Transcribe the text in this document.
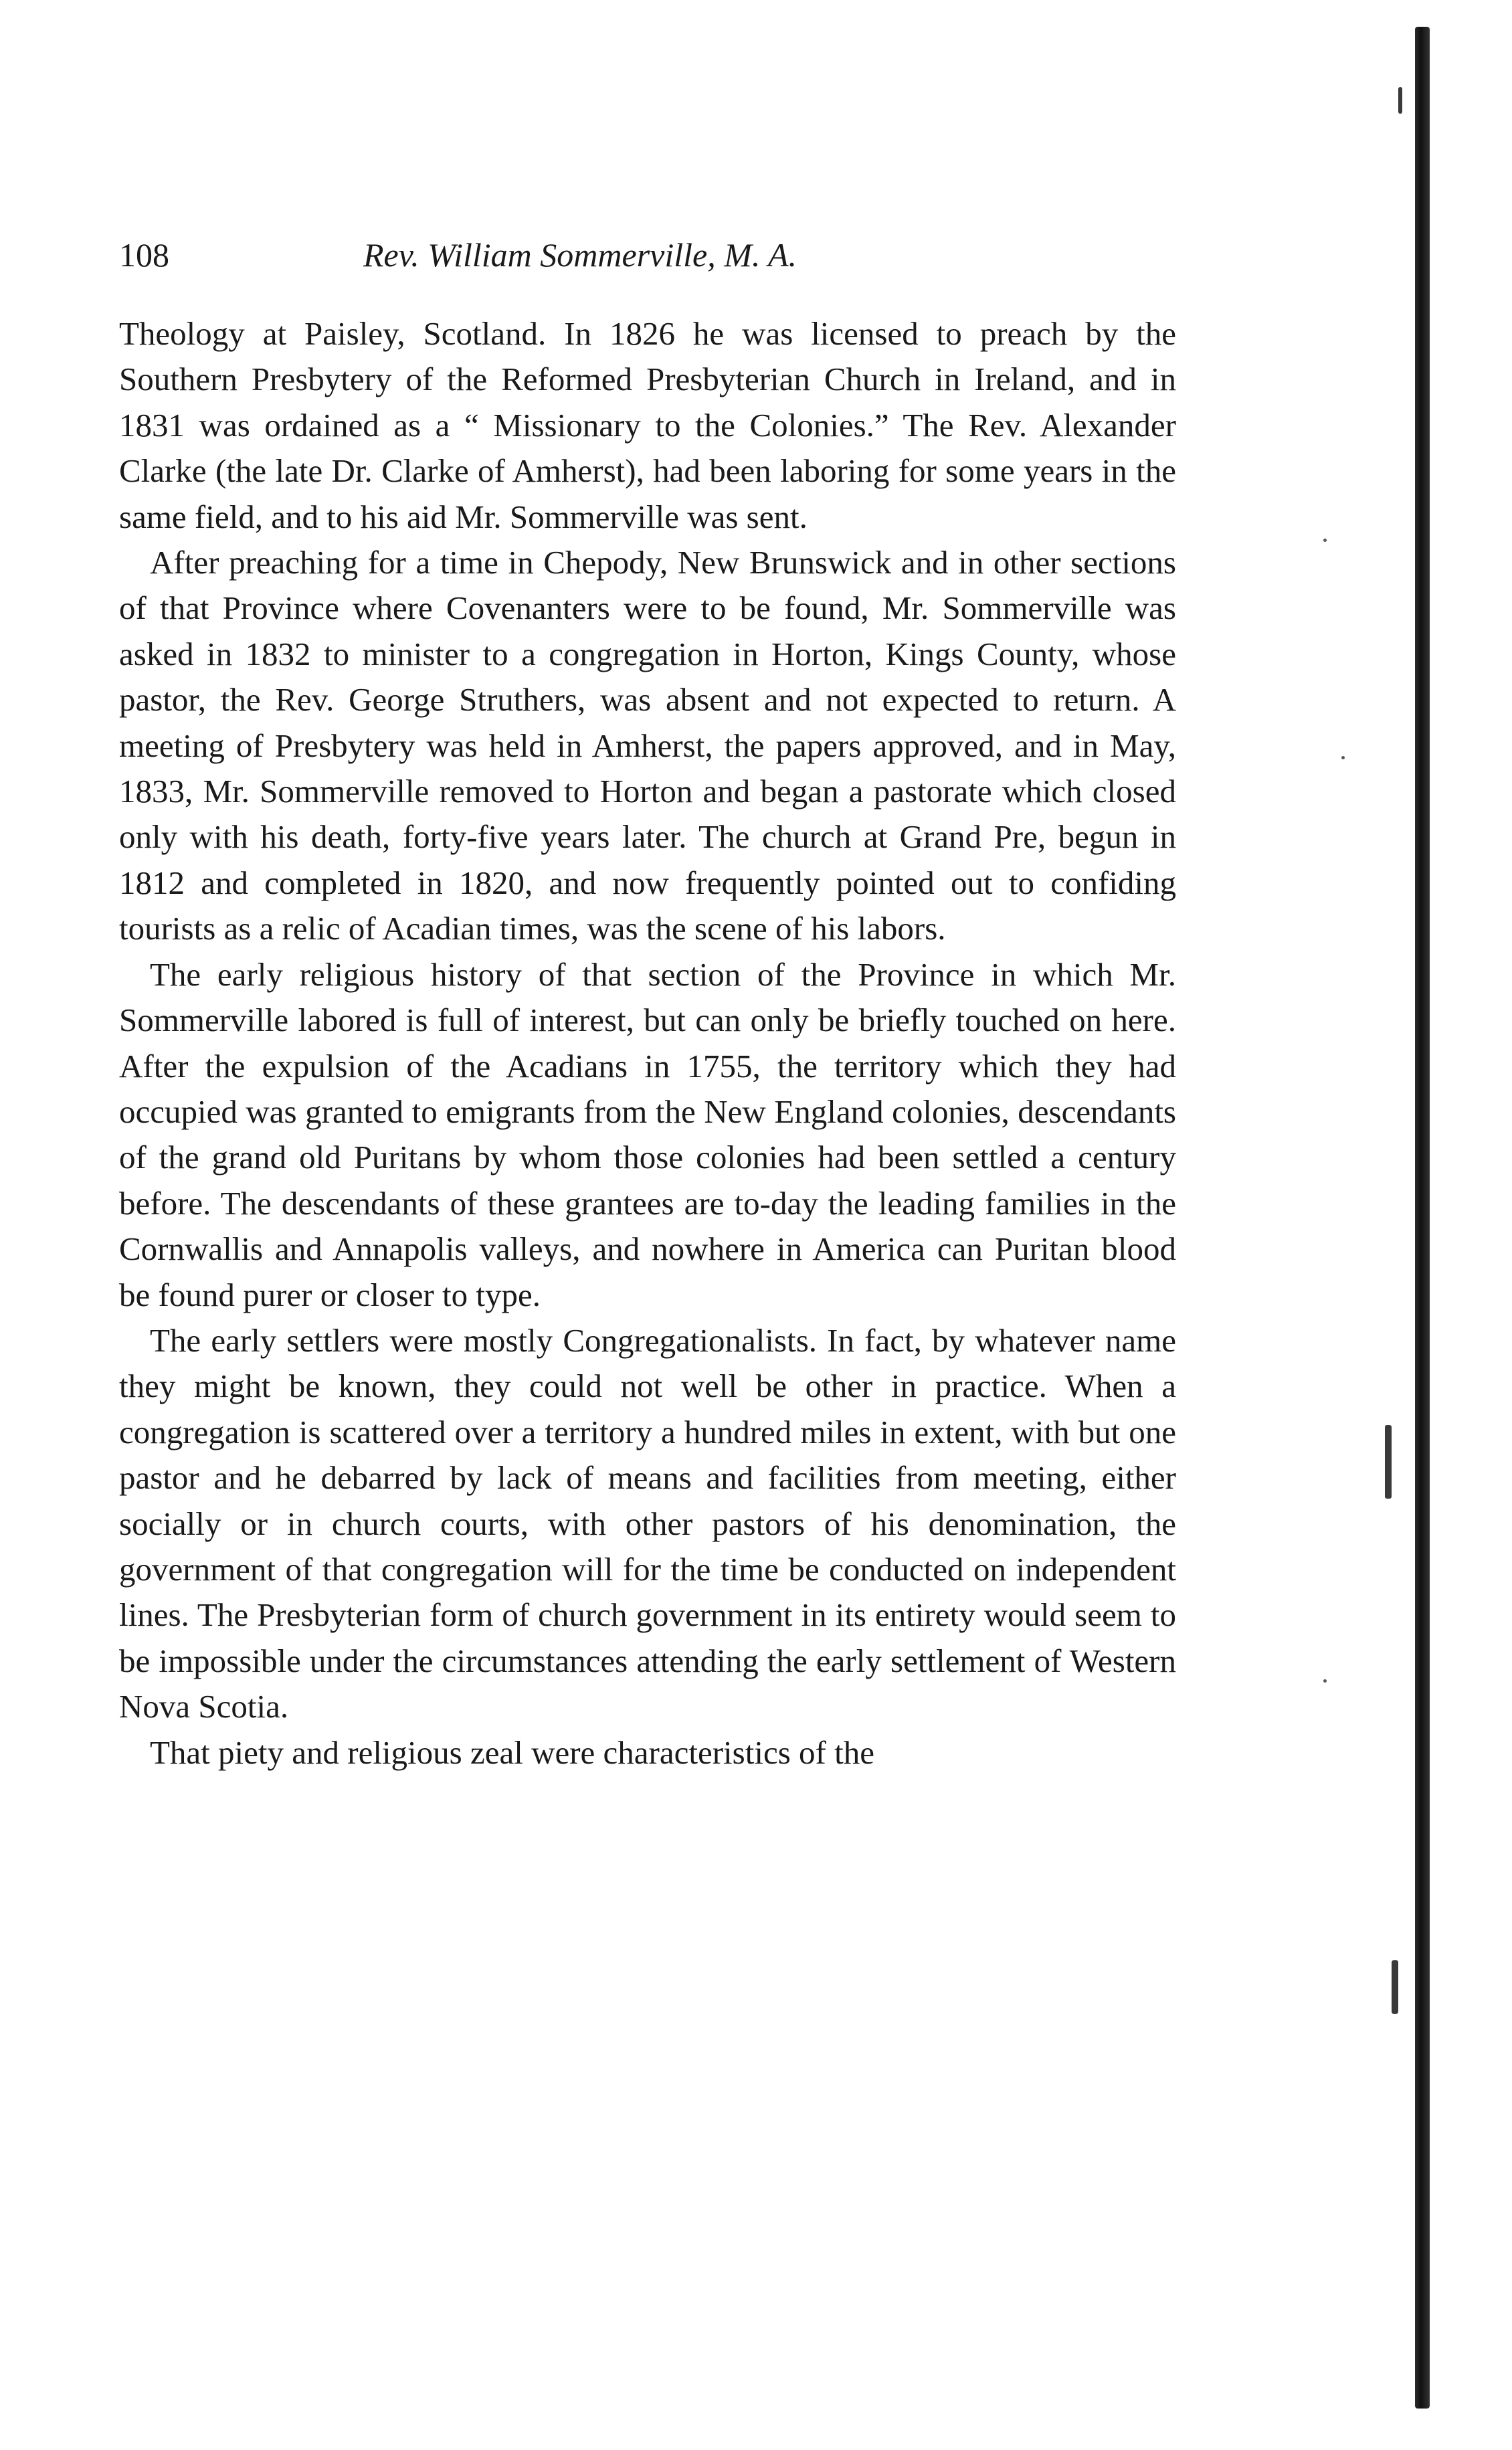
108	Rev. William Sommerville, M. A.

Theology at Paisley, Scotland. In 1826 he was licensed to preach by the Southern Presbytery of the Reformed Presbyterian Church in Ireland, and in 1831 was ordained as a “ Missionary to the Colonies.” The Rev. Alexander Clarke (the late Dr. Clarke of Amherst), had been laboring for some years in the same field, and to his aid Mr. Sommerville was sent.

After preaching for a time in Chepody, New Brunswick and in other sections of that Province where Covenanters were to be found, Mr. Sommerville was asked in 1832 to minister to a congregation in Horton, Kings County, whose pastor, the Rev. George Struthers, was absent and not expected to return. A meeting of Presbytery was held in Amherst, the papers approved, and in May, 1833, Mr. Sommerville removed to Horton and began a pastorate which closed only with his death, forty-five years later. The church at Grand Pre, begun in 1812 and completed in 1820, and now frequently pointed out to confiding tourists as a relic of Acadian times, was the scene of his labors.

The early religious history of that section of the Province in which Mr. Sommerville labored is full of interest, but can only be briefly touched on here. After the expulsion of the Acadians in 1755, the territory which they had occupied was granted to emigrants from the New England colonies, descendants of the grand old Puritans by whom those colonies had been settled a century before. The descendants of these grantees are to-day the leading families in the Cornwallis and Annapolis valleys, and nowhere in America can Puritan blood be found purer or closer to type.

The early settlers were mostly Congregationalists. In fact, by whatever name they might be known, they could not well be other in practice. When a congregation is scattered over a territory a hundred miles in extent, with but one pastor and he debarred by lack of means and facilities from meeting, either socially or in church courts, with other pastors of his denomination, the government of that congregation will for the time be conducted on independent lines. The Presbyterian form of church government in its entirety would seem to be impossible under the circumstances attending the early settlement of Western Nova Scotia.

That piety and religious zeal were characteristics of the
